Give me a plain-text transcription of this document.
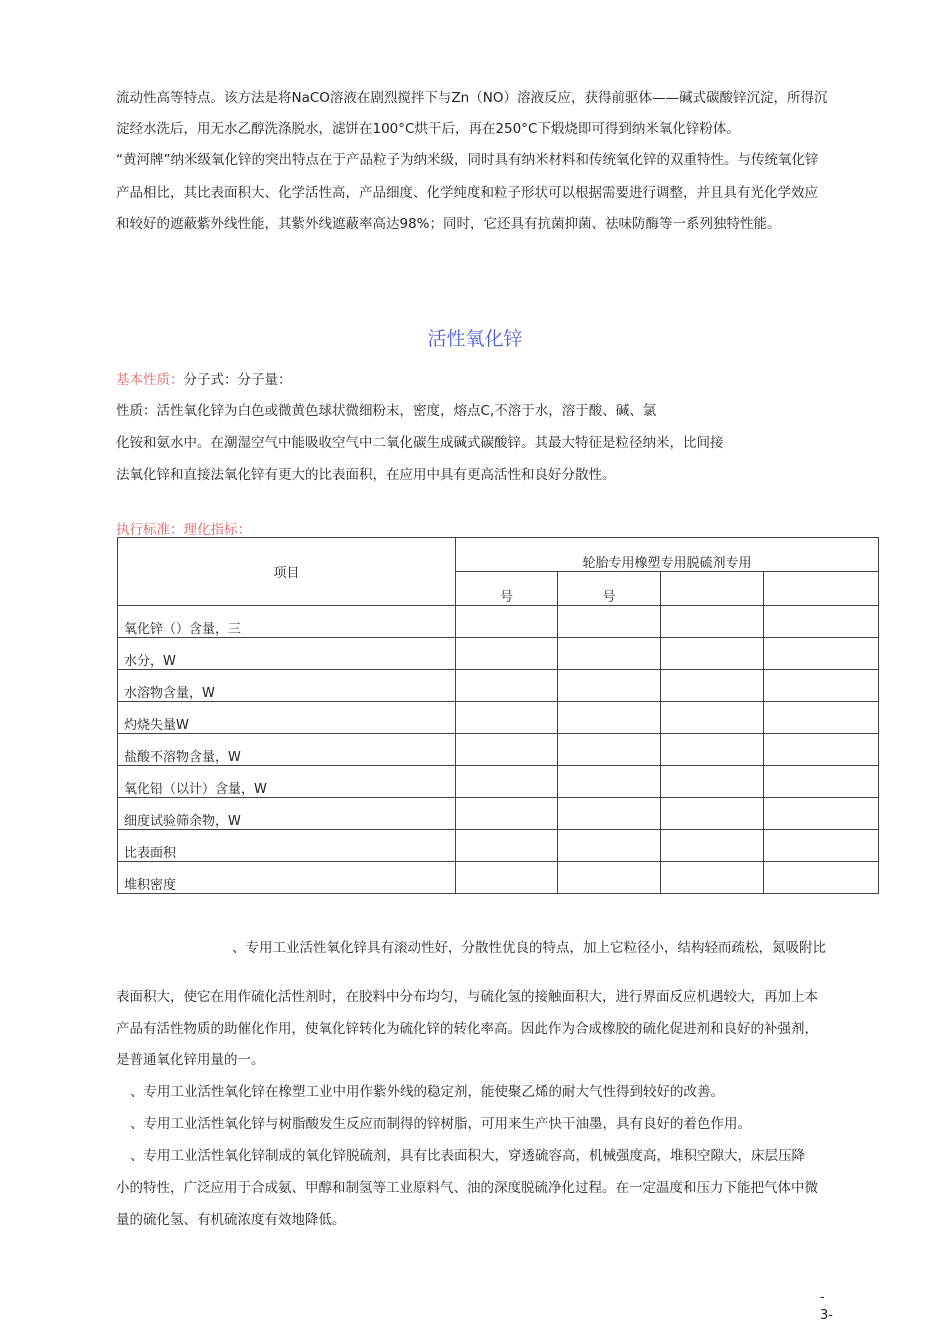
流动性高等特点。该方法是将NaCO溶液在剧烈搅拌下与Zn（NO）溶液反应，获得前驱体——碱式碳酸锌沉淀，所得沉
淀经水洗后，用无水乙醇洗涤脱水，滤饼在100°C烘干后，再在250°C下煅烧即可得到纳米氧化锌粉体。
“黄河牌”纳米级氧化锌的突出特点在于产品粒子为纳米级，同时具有纳米材料和传统氧化锌的双重特性。与传统氧化锌
产品相比，其比表面积大、化学活性高，产品细度、化学纯度和粒子形状可以根据需要进行调整，并且具有光化学效应
和较好的遮蔽紫外线性能，其紫外线遮蔽率高达98%；同时，它还具有抗菌抑菌、祛味防酶等一系列独特性能。
活性氧化锌
基本性质：分子式：分子量：
性质：活性氧化锌为白色或微黄色球状微细粉末，密度，熔点C,不溶于水，溶于酸、碱、氯
化铵和氨水中。在潮湿空气中能吸收空气中二氧化碳生成碱式碳酸锌。其最大特征是粒径纳米，比间接
法氧化锌和直接法氧化锌有更大的比表面积，在应用中具有更高活性和良好分散性。
执行标准：理化指标：
项目	轮胎专用橡塑专用脱硫剂专用			
	号	号		
氧化锌（）含量，三				
水分，W				
水溶物含量，W				
灼烧失量W				
盐酸不溶物含量，W				
氧化铅（以计）含量，W				
细度试验筛余物，W				
比表面积				
堆积密度				
、专用工业活性氧化锌具有滚动性好，分散性优良的特点，加上它粒径小，结构轻而疏松，氮吸附比
表面积大，使它在用作硫化活性剂时，在胶料中分布均匀，与硫化氢的接触面积大，进行界面反应机遇较大，再加上本
产品有活性物质的助催化作用，使氧化锌转化为硫化锌的转化率高。因此作为合成橡胶的硫化促进剂和良好的补强剂，
是普通氧化锌用量的一。
、专用工业活性氧化锌在橡塑工业中用作紫外线的稳定剂，能使聚乙烯的耐大气性得到较好的改善。
、专用工业活性氧化锌与树脂酸发生反应而制得的锌树脂，可用来生产快干油墨，具有良好的着色作用。
、专用工业活性氧化锌制成的氧化锌脱硫剂，具有比表面积大，穿透硫容高，机械强度高，堆积空隙大，床层压降
小的特性，广泛应用于合成氨、甲醇和制氢等工业原料气、油的深度脱硫净化过程。在一定温度和压力下能把气体中微
量的硫化氢、有机硫浓度有效地降低。
-
3-
